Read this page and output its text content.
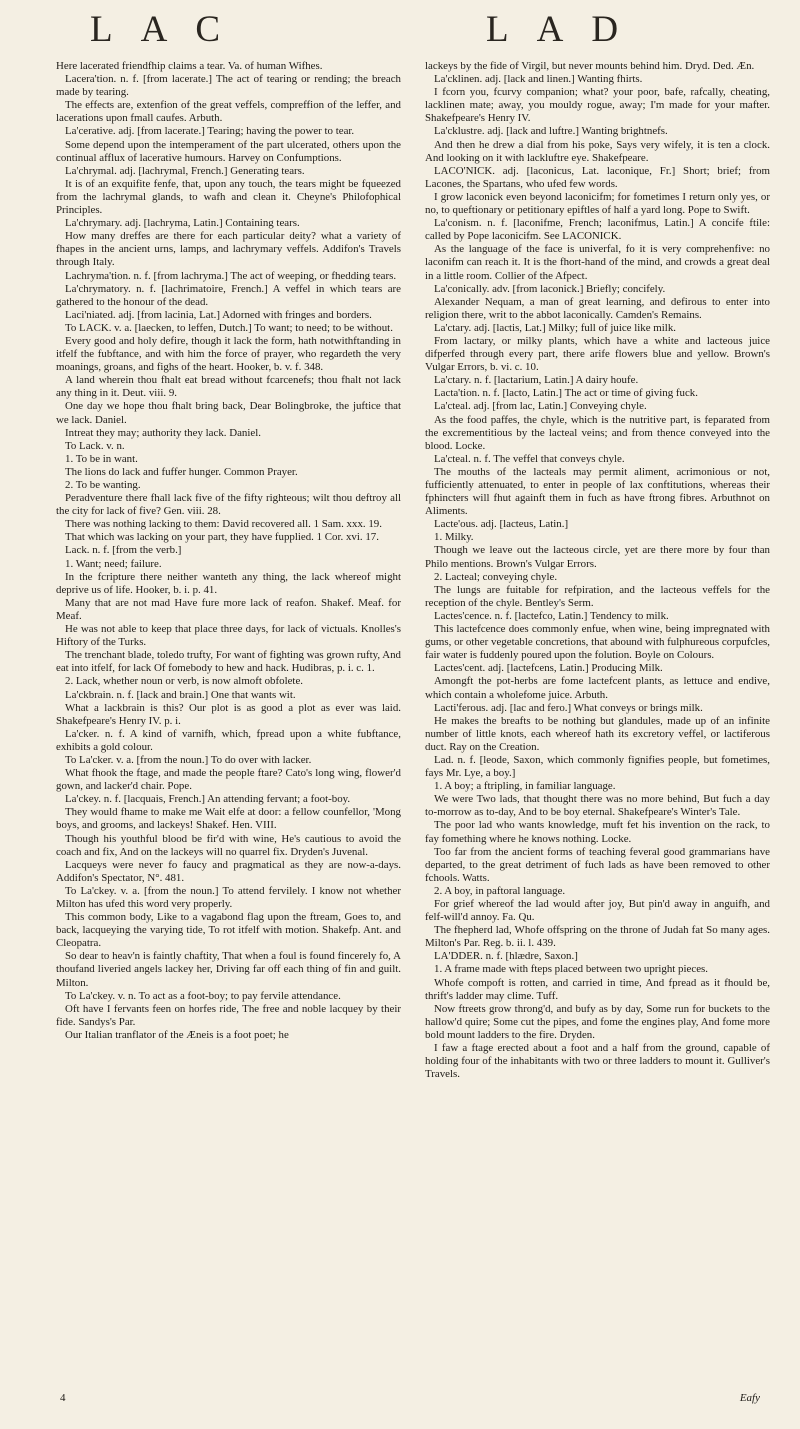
LAC	LAD

Here lacerated friendfhip claims a tear. Va. of human Wifhes.

Lacera'tion. n. f. [from lacerate.] The act of tearing or rending; the breach made by tearing.

The effects are, extenfion of the great veffels, compreffion of the leffer, and lacerations upon fmall caufes. Arbuth.

La'cerative. adj. [from lacerate.] Tearing; having the power to tear.

Some depend upon the intemperament of the part ulcerated, others upon the continual afflux of lacerative humours. Harvey on Confumptions.

La'chrymal. adj. [lachrymal, French.] Generating tears.

It is of an exquifite fenfe, that, upon any touch, the tears might be fqueezed from the lachrymal glands, to wafh and clean it. Cheyne's Philofophical Principles.

La'chrymary. adj. [lachryma, Latin.] Containing tears.

How many dreffes are there for each particular deity? what a variety of fhapes in the ancient urns, lamps, and lachrymary veffels. Addifon's Travels through Italy.

Lachryma'tion. n. f. [from lachryma.] The act of weeping, or fhedding tears.

La'chrymatory. n. f. [lachrimatoire, French.] A veffel in which tears are gathered to the honour of the dead.

Laci'niated. adj. [from lacinia, Lat.] Adorned with fringes and borders.

To LACK. v. a. [laecken, to leffen, Dutch.] To want; to need; to be without.

Every good and holy defire, though it lack the form, hath notwithftanding in itfelf the fubftance, and with him the force of prayer, who regardeth the very moanings, groans, and fighs of the heart. Hooker, b. v. f. 348.

A land wherein thou fhalt eat bread without fcarcenefs; thou fhalt not lack any thing in it. Deut. viii. 9.

One day we hope thou fhalt bring back, Dear Bolingbroke, the juftice that we lack. Daniel.

Intreat they may; authority they lack. Daniel.

To Lack. v. n.

1. To be in want.

The lions do lack and fuffer hunger. Common Prayer.

2. To be wanting.

Peradventure there fhall lack five of the fifty righteous; wilt thou deftroy all the city for lack of five? Gen. viii. 28.

There was nothing lacking to them: David recovered all. 1 Sam. xxx. 19.

That which was lacking on your part, they have fupplied. 1 Cor. xvi. 17.

Lack. n. f. [from the verb.]

1. Want; need; failure.

In the fcripture there neither wanteth any thing, the lack whereof might deprive us of life. Hooker, b. i. p. 41.

Many that are not mad Have fure more lack of reafon. Shakef. Meaf. for Meaf.

He was not able to keep that place three days, for lack of victuals. Knolles's Hiftory of the Turks.

The trenchant blade, toledo trufty, For want of fighting was grown rufty, And eat into itfelf, for lack Of fomebody to hew and hack. Hudibras, p. i. c. 1.

2. Lack, whether noun or verb, is now almoft obfolete.

La'ckbrain. n. f. [lack and brain.] One that wants wit.

What a lackbrain is this? Our plot is as good a plot as ever was laid. Shakefpeare's Henry IV. p. i.

La'cker. n. f. A kind of varnifh, which, fpread upon a white fubftance, exhibits a gold colour.

To La'cker. v. a. [from the noun.] To do over with lacker.

What fhook the ftage, and made the people ftare? Cato's long wing, flower'd gown, and lacker'd chair. Pope.

La'ckey. n. f. [lacquais, French.] An attending fervant; a foot-boy.

They would fhame to make me Wait elfe at door: a fellow counfellor, 'Mong boys, and grooms, and lackeys! Shakef. Hen. VIII.

Though his youthful blood be fir'd with wine, He's cautious to avoid the coach and fix, And on the lackeys will no quarrel fix. Dryden's Juvenal.

Lacqueys were never fo faucy and pragmatical as they are now-a-days. Addifon's Spectator, N°. 481.

To La'ckey. v. a. [from the noun.] To attend fervilely. I know not whether Milton has ufed this word very properly.

This common body, Like to a vagabond flag upon the ftream, Goes to, and back, lacqueying the varying tide, To rot itfelf with motion. Shakefp. Ant. and Cleopatra.

So dear to heav'n is faintly chaftity, That when a foul is found fincerely fo, A thoufand liveried angels lackey her, Driving far off each thing of fin and guilt. Milton.

To La'ckey. v. n. To act as a foot-boy; to pay fervile attendance.

Oft have I fervants feen on horfes ride, The free and noble lacquey by their fide. Sandys's Par.

Our Italian tranflator of the Æneis is a foot poet; he

lackeys by the fide of Virgil, but never mounts behind him. Dryd. Ded. Æn.

La'cklinen. adj. [lack and linen.] Wanting fhirts.

I fcorn you, fcurvy companion; what? your poor, bafe, rafcally, cheating, lacklinen mate; away, you mouldy rogue, away; I'm made for your mafter. Shakefpeare's Henry IV.

La'cklustre. adj. [lack and luftre.] Wanting brightnefs.

And then he drew a dial from his poke, Says very wifely, it is ten a clock. And looking on it with lackluftre eye. Shakefpeare.

LACO'NICK. adj. [laconicus, Lat. laconique, Fr.] Short; brief; from Lacones, the Spartans, who ufed few words.

I grow laconick even beyond laconicifm; for fometimes I return only yes, or no, to queftionary or petitionary epiftles of half a yard long. Pope to Swift.

La'conism. n. f. [laconifme, French; laconifmus, Latin.] A concife ftile: called by Pope laconicifm. See LACONICK.

As the language of the face is univerfal, fo it is very comprehenfive: no laconifm can reach it. It is the fhort-hand of the mind, and crowds a great deal in a little room. Collier of the Afpect.

La'conically. adv. [from laconick.] Briefly; concifely.

Alexander Nequam, a man of great learning, and defirous to enter into religion there, writ to the abbot laconically. Camden's Remains.

La'ctary. adj. [lactis, Lat.] Milky; full of juice like milk.

From lactary, or milky plants, which have a white and lacteous juice difperfed through every part, there arife flowers blue and yellow. Brown's Vulgar Errors, b. vi. c. 10.

La'ctary. n. f. [lactarium, Latin.] A dairy houfe.

Lacta'tion. n. f. [lacto, Latin.] The act or time of giving fuck.

La'cteal. adj. [from lac, Latin.] Conveying chyle.

As the food paffes, the chyle, which is the nutritive part, is feparated from the excrementitious by the lacteal veins; and from thence conveyed into the blood. Locke.

La'cteal. n. f. The veffel that conveys chyle.

The mouths of the lacteals may permit aliment, acrimonious or not, fufficiently attenuated, to enter in people of lax conftitutions, whereas their fphincters will fhut againft them in fuch as have ftrong fibres. Arbuthnot on Aliments.

Lacte'ous. adj. [lacteus, Latin.]

1. Milky.

Though we leave out the lacteous circle, yet are there more by four than Philo mentions. Brown's Vulgar Errors.

2. Lacteal; conveying chyle.

The lungs are fuitable for refpiration, and the lacteous veffels for the reception of the chyle. Bentley's Serm.

Lactes'cence. n. f. [lactefco, Latin.] Tendency to milk.

This lactefcence does commonly enfue, when wine, being impregnated with gums, or other vegetable concretions, that abound with fulphureous corpufcles, fair water is fuddenly poured upon the folution. Boyle on Colours.

Lactes'cent. adj. [lactefcens, Latin.] Producing Milk.

Amongft the pot-herbs are fome lactefcent plants, as lettuce and endive, which contain a wholefome juice. Arbuth.

Lacti'ferous. adj. [lac and fero.] What conveys or brings milk.

He makes the breafts to be nothing but glandules, made up of an infinite number of little knots, each whereof hath its excretory veffel, or lactiferous duct. Ray on the Creation.

Lad. n. f. [leode, Saxon, which commonly fignifies people, but fometimes, fays Mr. Lye, a boy.]

1. A boy; a ftripling, in familiar language.

We were Two lads, that thought there was no more behind, But fuch a day to-morrow as to-day, And to be boy eternal. Shakefpeare's Winter's Tale.

The poor lad who wants knowledge, muft fet his invention on the rack, to fay fomething where he knows nothing. Locke.

Too far from the ancient forms of teaching feveral good grammarians have departed, to the great detriment of fuch lads as have been removed to other fchools. Watts.

2. A boy, in paftoral language.

For grief whereof the lad would after joy, But pin'd away in anguifh, and felf-will'd annoy. Fa. Qu.

The fhepherd lad, Whofe offspring on the throne of Judah fat So many ages. Milton's Par. Reg. b. ii. l. 439.

LA'DDER. n. f. [hlædre, Saxon.]

1. A frame made with fteps placed between two upright pieces.

Whofe compoft is rotten, and carried in time, And fpread as it fhould be, thrift's ladder may clime. Tuff.

Now ftreets grow throng'd, and bufy as by day, Some run for buckets to the hallow'd quire; Some cut the pipes, and fome the engines play, And fome more bold mount ladders to the fire. Dryden.

I faw a ftage erected about a foot and a half from the ground, capable of holding four of the inhabitants with two or three ladders to mount it. Gulliver's Travels.

4	Eafy
